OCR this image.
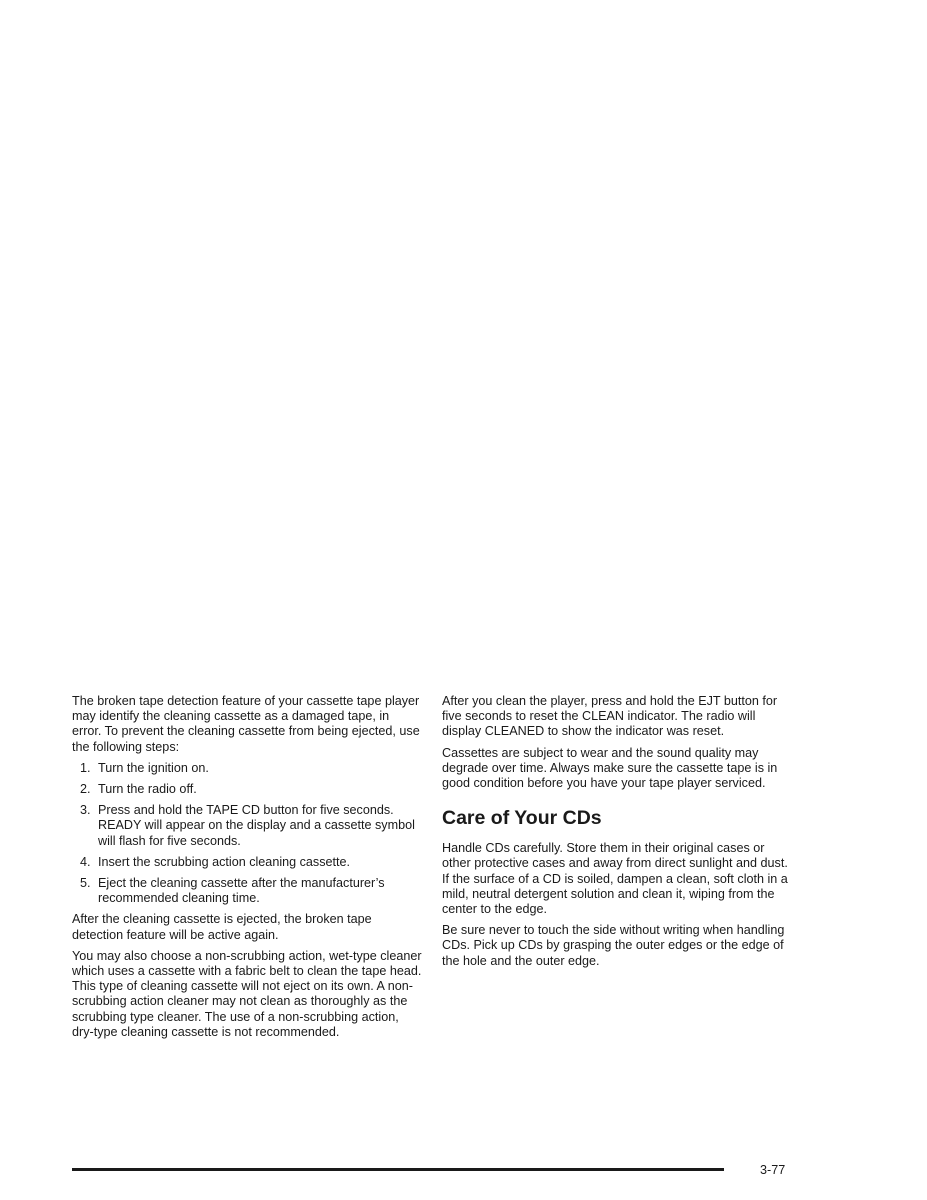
The broken tape detection feature of your cassette tape player may identify the cleaning cassette as a damaged tape, in error. To prevent the cleaning cassette from being ejected, use the following steps:

1. Turn the ignition on.
2. Turn the radio off.
3. Press and hold the TAPE CD button for five seconds. READY will appear on the display and a cassette symbol will flash for five seconds.
4. Insert the scrubbing action cleaning cassette.
5. Eject the cleaning cassette after the manufacturer’s recommended cleaning time.

After the cleaning cassette is ejected, the broken tape detection feature will be active again.

You may also choose a non-scrubbing action, wet-type cleaner which uses a cassette with a fabric belt to clean the tape head. This type of cleaning cassette will not eject on its own. A non-scrubbing action cleaner may not clean as thoroughly as the scrubbing type cleaner. The use of a non-scrubbing action, dry-type cleaning cassette is not recommended.

After you clean the player, press and hold the EJT button for five seconds to reset the CLEAN indicator. The radio will display CLEANED to show the indicator was reset.

Cassettes are subject to wear and the sound quality may degrade over time. Always make sure the cassette tape is in good condition before you have your tape player serviced.

Care of Your CDs

Handle CDs carefully. Store them in their original cases or other protective cases and away from direct sunlight and dust. If the surface of a CD is soiled, dampen a clean, soft cloth in a mild, neutral detergent solution and clean it, wiping from the center to the edge.

Be sure never to touch the side without writing when handling CDs. Pick up CDs by grasping the outer edges or the edge of the hole and the outer edge.

3-77
